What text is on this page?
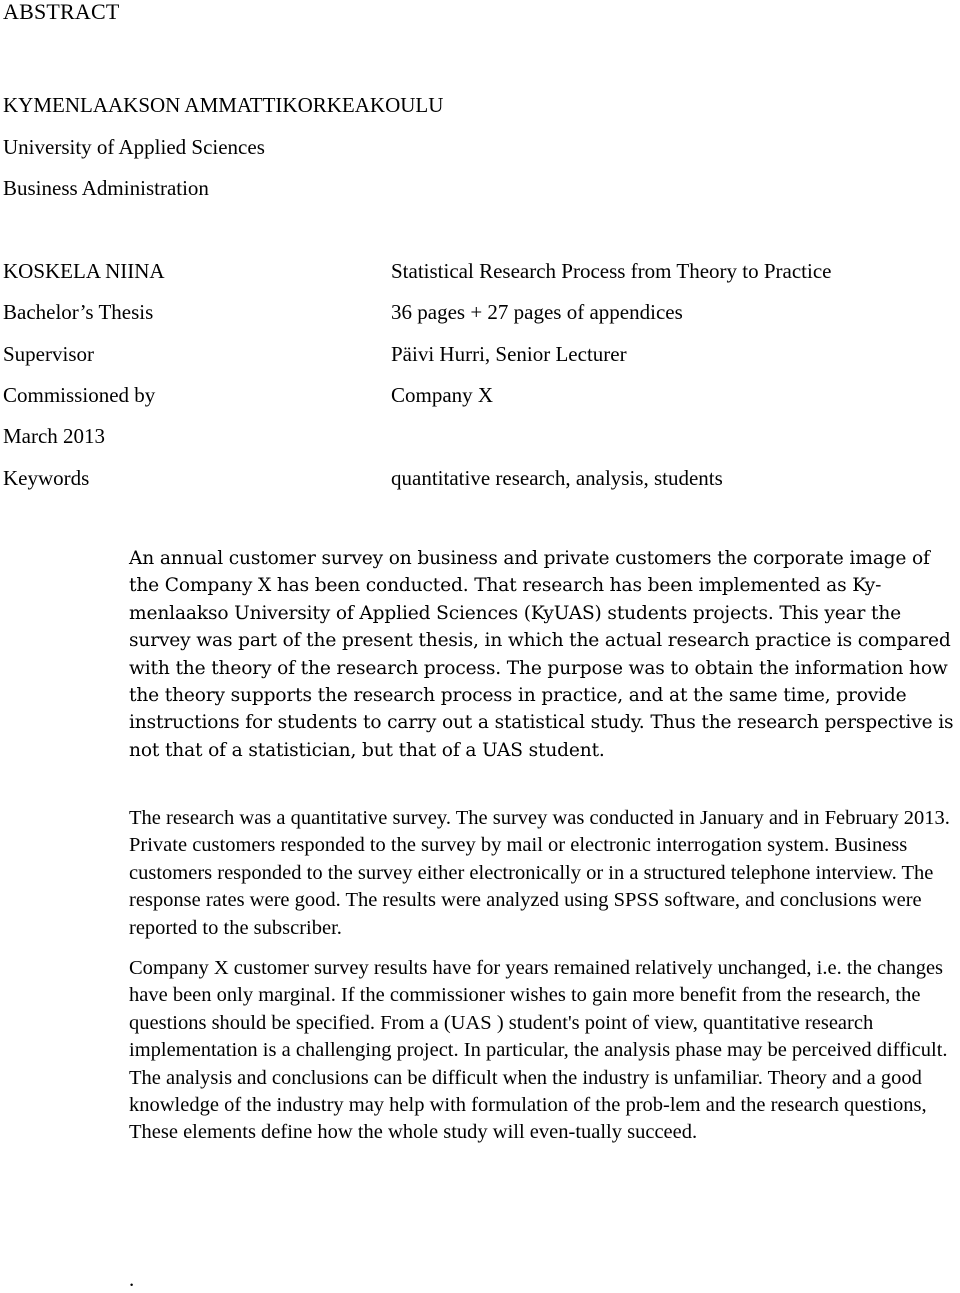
ABSTRACT
KYMENLAAKSON AMMATTIKORKEAKOULU
University of Applied Sciences
Business Administration
KOSKELA NIINA	Statistical Research Process from Theory to Practice
Bachelor’s Thesis	36 pages + 27 pages of appendices
Supervisor	Päivi Hurri, Senior Lecturer
Commissioned by	Company X
March 2013
Keywords	quantitative research, analysis, students

An annual customer survey on business and private customers the corporate image of the Company X has been conducted. That research has been implemented as Ky-menlaakso University of Applied Sciences (KyUAS) students projects. This year the survey was part of the present thesis, in which the actual research practice is compared with the theory of the research process. The purpose was to obtain the information how the theory supports the research process in practice, and at the same time, provide instructions for students to carry out a statistical study. Thus the research perspective is not that of a statistician, but that of a UAS student.

The research was a quantitative survey. The survey was conducted in January and in February 2013. Private customers responded to the survey by mail or electronic interrogation system. Business customers responded to the survey either electronically or in a structured telephone interview. The response rates were good. The results were analyzed using SPSS software, and conclusions were reported to the subscriber.

Company X customer survey results have for years remained relatively unchanged, i.e. the changes have been only marginal. If the commissioner wishes to gain more benefit from the research, the questions should be specified. From a (UAS ) student's point of view, quantitative research implementation is a challenging project. In particular, the analysis phase may be perceived difficult. The analysis and conclusions can be difficult when the industry is unfamiliar. Theory and a good knowledge of the industry may help with formulation of the prob-lem and the research questions, These elements define how the whole study will even-tually succeed.

.
